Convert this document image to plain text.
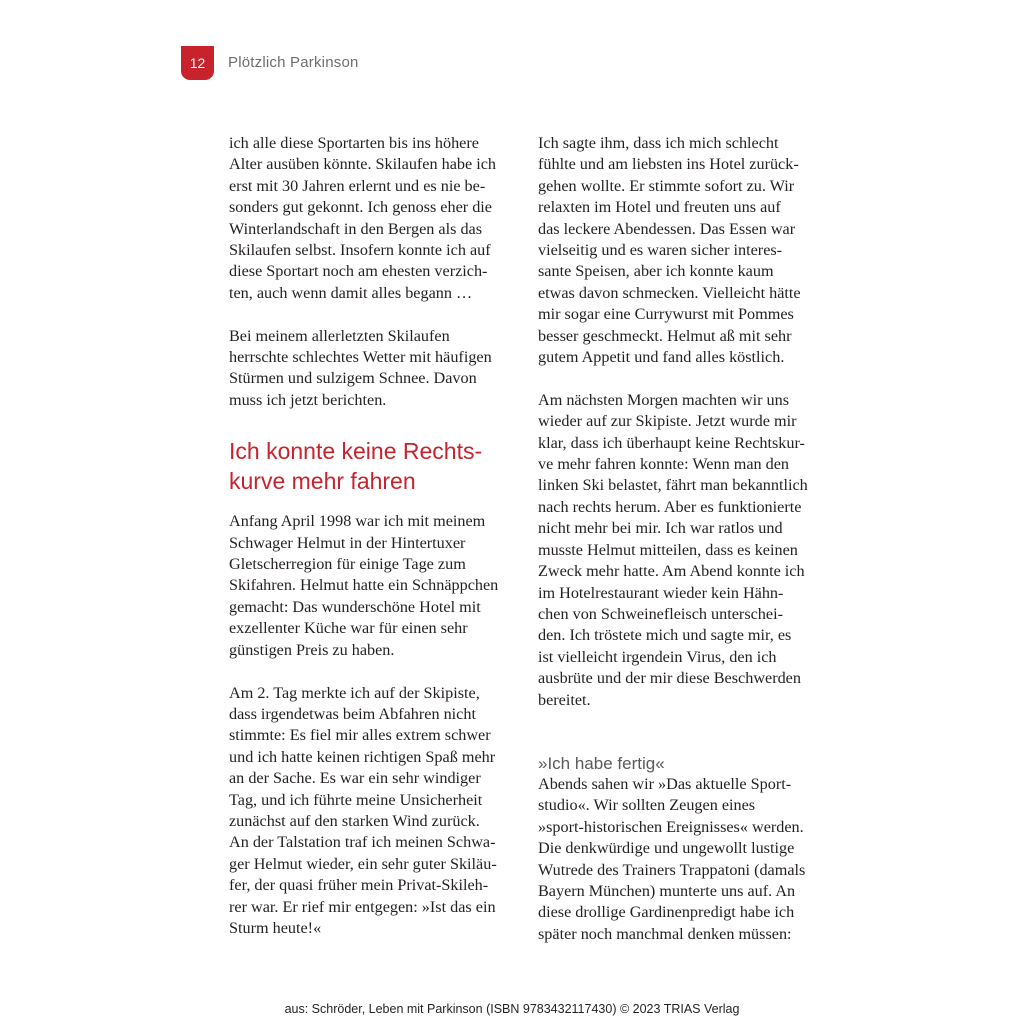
12	Plötzlich Parkinson

ich alle diese Sportarten bis ins höhere
Alter ausüben könnte. Skilaufen habe ich
erst mit 30 Jahren erlernt und es nie be-
sonders gut gekonnt. Ich genoss eher die
Winterlandschaft in den Bergen als das
Skilaufen selbst. Insofern konnte ich auf
diese Sportart noch am ehesten verzich-
ten, auch wenn damit alles begann …

Bei meinem allerletzten Skilaufen
herrschte schlechtes Wetter mit häufigen
Stürmen und sulzigem Schnee. Davon
muss ich jetzt berichten.

Ich konnte keine Rechts-
kurve mehr fahren

Anfang April 1998 war ich mit meinem
Schwager Helmut in der Hintertuxer
Gletscherregion für einige Tage zum
Skifahren. Helmut hatte ein Schnäppchen
gemacht: Das wunderschöne Hotel mit
exzellenter Küche war für einen sehr
günstigen Preis zu haben.

Am 2. Tag merkte ich auf der Skipiste,
dass irgendetwas beim Abfahren nicht
stimmte: Es fiel mir alles extrem schwer
und ich hatte keinen richtigen Spaß mehr
an der Sache. Es war ein sehr windiger
Tag, und ich führte meine Unsicherheit
zunächst auf den starken Wind zurück.
An der Talstation traf ich meinen Schwa-
ger Helmut wieder, ein sehr guter Skiläu-
fer, der quasi früher mein Privat-Skileh-
rer war. Er rief mir entgegen: »Ist das ein
Sturm heute!«

Ich sagte ihm, dass ich mich schlecht
fühlte und am liebsten ins Hotel zurück-
gehen wollte. Er stimmte sofort zu. Wir
relaxten im Hotel und freuten uns auf
das leckere Abendessen. Das Essen war
vielseitig und es waren sicher interes-
sante Speisen, aber ich konnte kaum
etwas davon schmecken. Vielleicht hätte
mir sogar eine Currywurst mit Pommes
besser geschmeckt. Helmut aß mit sehr
gutem Appetit und fand alles köstlich.

Am nächsten Morgen machten wir uns
wieder auf zur Skipiste. Jetzt wurde mir
klar, dass ich überhaupt keine Rechtskur-
ve mehr fahren konnte: Wenn man den
linken Ski belastet, fährt man bekanntlich
nach rechts herum. Aber es funktionierte
nicht mehr bei mir. Ich war ratlos und
musste Helmut mitteilen, dass es keinen
Zweck mehr hatte. Am Abend konnte ich
im Hotelrestaurant wieder kein Hähn-
chen von Schweinefleisch unterschei-
den. Ich tröstete mich und sagte mir, es
ist vielleicht irgendein Virus, den ich
ausbrüte und der mir diese Beschwerden
bereitet.

»Ich habe fertig«

Abends sahen wir »Das aktuelle Sport-
studio«. Wir sollten Zeugen eines
»sport-historischen Ereignisses« werden.
Die denkwürdige und ungewollt lustige
Wutrede des Trainers Trappatoni (damals
Bayern München) munterte uns auf. An
diese drollige Gardinenpredigt habe ich
später noch manchmal denken müssen:

aus: Schröder, Leben mit Parkinson (ISBN 9783432117430) © 2023 TRIAS Verlag
